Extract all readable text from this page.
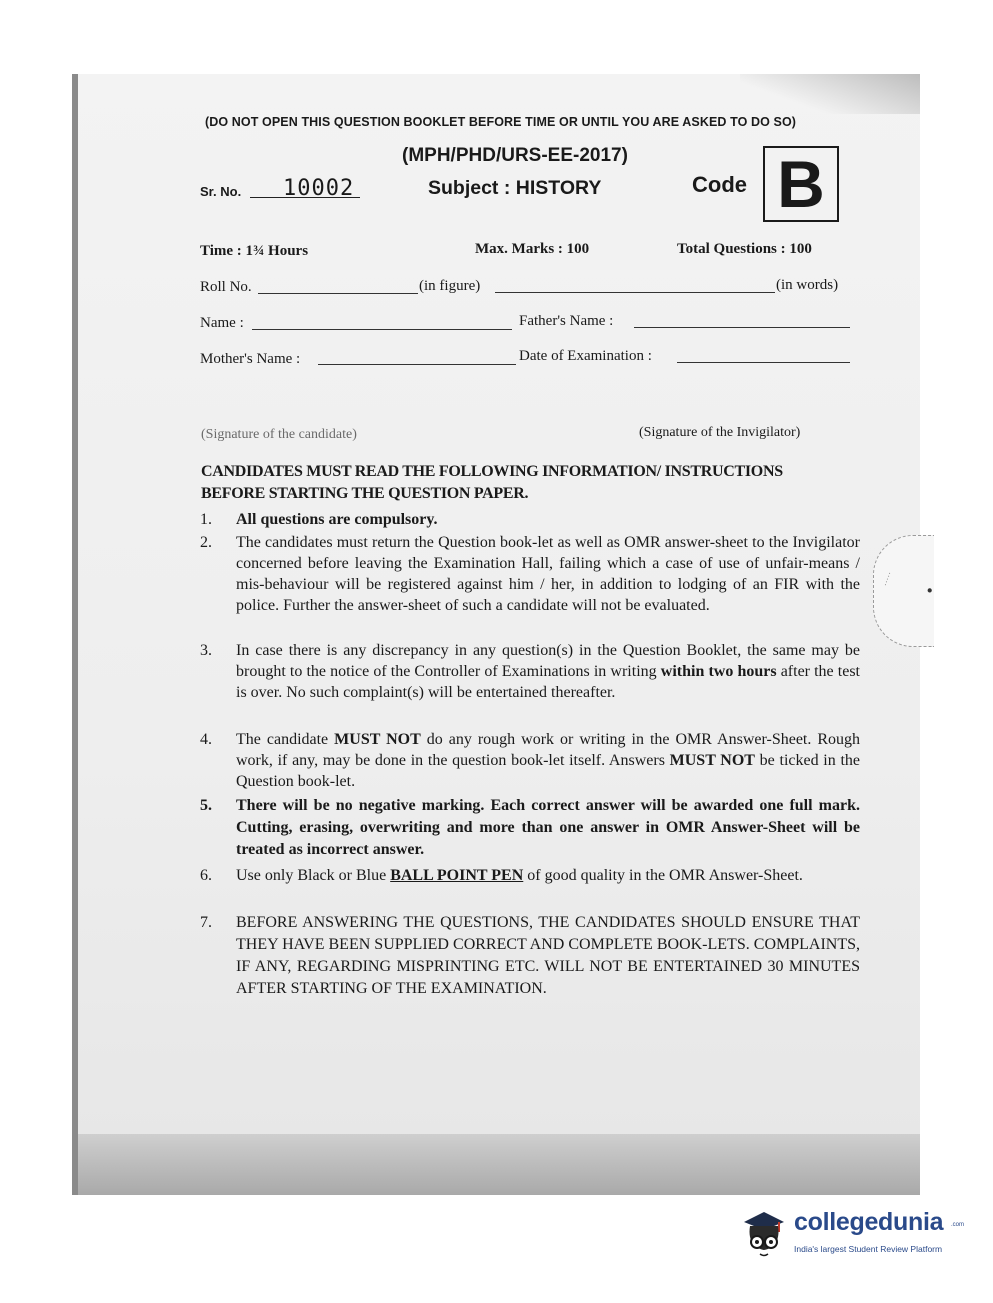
(DO NOT OPEN THIS QUESTION BOOKLET BEFORE TIME OR UNTIL YOU ARE ASKED TO DO SO)
(MPH/PHD/URS-EE-2017)
Sr. No. 10002	Subject : HISTORY	Code B
Time : 1¾ Hours	Max. Marks : 100	Total Questions : 100
Roll No.	(in figure)	(in words)
Name :	Father's Name :
Mother's Name :	Date of Examination :
(Signature of the candidate)	(Signature of the Invigilator)
CANDIDATES MUST READ THE FOLLOWING INFORMATION/ INSTRUCTIONS
BEFORE STARTING THE QUESTION PAPER.
1.	All questions are compulsory.
2.	The candidates must return the Question book-let as well as OMR answer-sheet to the Invigilator concerned before leaving the Examination Hall, failing which a case of use of unfair-means / mis-behaviour will be registered against him / her, in addition to lodging of an FIR with the police. Further the answer-sheet of such a candidate will not be evaluated.
3.	In case there is any discrepancy in any question(s) in the Question Booklet, the same may be brought to the notice of the Controller of Examinations in writing within two hours after the test is over. No such complaint(s) will be entertained thereafter.
4.	The candidate MUST NOT do any rough work or writing in the OMR Answer-Sheet. Rough work, if any, may be done in the question book-let itself. Answers MUST NOT be ticked in the Question book-let.
5.	There will be no negative marking. Each correct answer will be awarded one full mark. Cutting, erasing, overwriting and more than one answer in OMR Answer-Sheet will be treated as incorrect answer.
6.	Use only Black or Blue BALL POINT PEN of good quality in the OMR Answer-Sheet.
7.	BEFORE ANSWERING THE QUESTIONS, THE CANDIDATES SHOULD ENSURE THAT THEY HAVE BEEN SUPPLIED CORRECT AND COMPLETE BOOK-LETS. COMPLAINTS, IF ANY, REGARDING MISPRINTING ETC. WILL NOT BE ENTERTAINED 30 MINUTES AFTER STARTING OF THE EXAMINATION.
····· ·
collegedunia .com
India's largest Student Review Platform
